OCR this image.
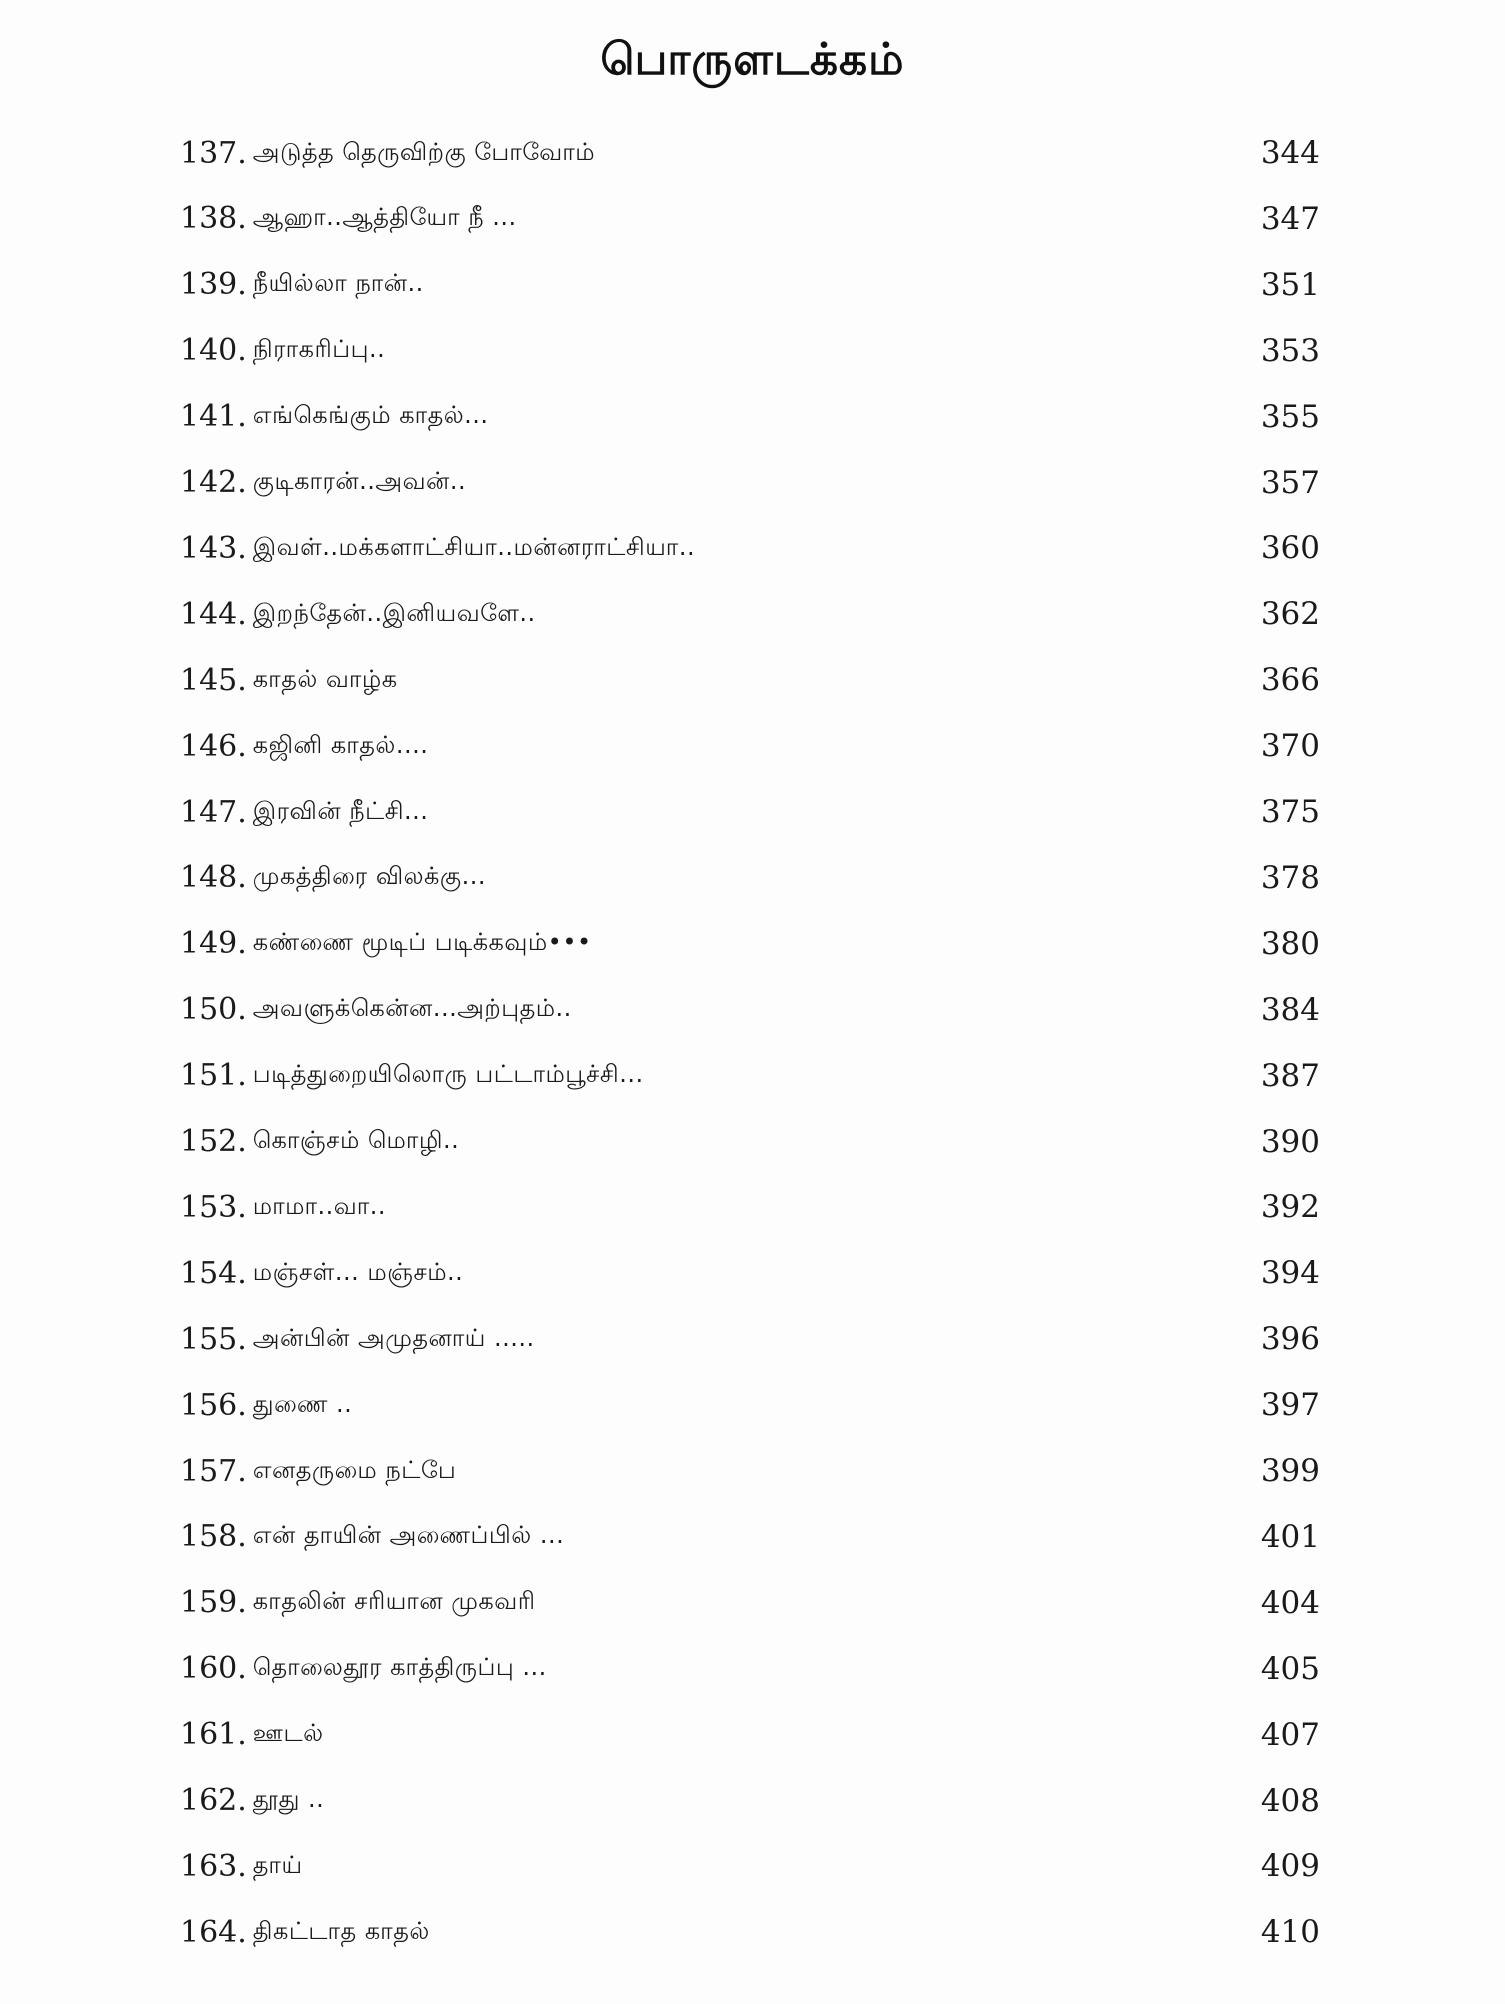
பொருளடக்கம்
137. அடுத்த தெருவிற்கு போவோம்	344
138. ஆஹா..ஆத்தியோ நீ ...	347
139. நீயில்லா நான்..	351
140. நிராகரிப்பு..	353
141. எங்கெங்கும் காதல்...	355
142. குடிகாரன்..அவன்..	357
143. இவள்..மக்களாட்சியா..மன்னராட்சியா..	360
144. இறந்தேன்..இனியவளே..	362
145. காதல் வாழ்க	366
146. கஜினி காதல்....	370
147. இரவின் நீட்சி...	375
148. முகத்திரை விலக்கு...	378
149. கண்ணை மூடிப் படிக்கவும்•••	380
150. அவளுக்கென்ன...அற்புதம்..	384
151. படித்துறையிலொரு பட்டாம்பூச்சி...	387
152. கொஞ்சம் மொழி..	390
153. மாமா..வா..	392
154. மஞ்சள்... மஞ்சம்..	394
155. அன்பின் அமுதனாய் .....	396
156. துணை ..	397
157. எனதருமை நட்பே	399
158. என் தாயின் அணைப்பில் ...	401
159. காதலின் சரியான முகவரி	404
160. தொலைதூர காத்திருப்பு ...	405
161. ஊடல்	407
162. தூது ..	408
163. தாய்	409
164. திகட்டாத காதல்	410
